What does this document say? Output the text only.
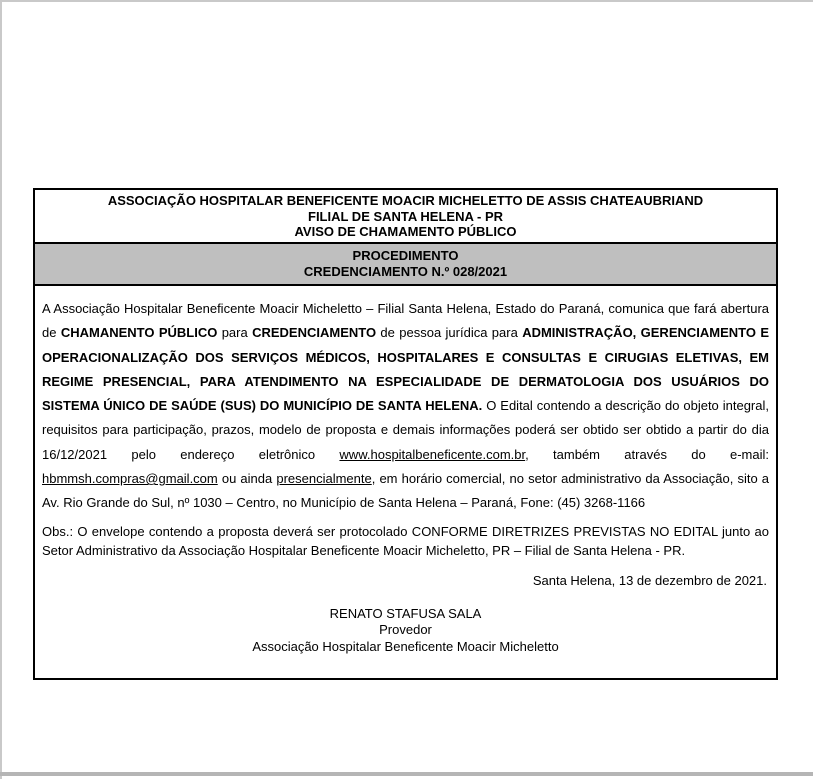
ASSOCIAÇÃO HOSPITALAR BENEFICENTE MOACIR MICHELETTO DE ASSIS CHATEAUBRIAND
FILIAL DE SANTA HELENA - PR
AVISO DE CHAMAMENTO PÚBLICO
PROCEDIMENTO
CREDENCIAMENTO N.º 028/2021

A Associação Hospitalar Beneficente Moacir Micheletto – Filial Santa Helena, Estado do Paraná, comunica que fará abertura de CHAMANENTO PÚBLICO para CREDENCIAMENTO de pessoa jurídica para ADMINISTRAÇÃO, GERENCIAMENTO E OPERACIONALIZAÇÃO DOS SERVIÇOS MÉDICOS, HOSPITALARES E CONSULTAS E CIRUGIAS ELETIVAS, EM REGIME PRESENCIAL, PARA ATENDIMENTO NA ESPECIALIDADE DE DERMATOLOGIA DOS USUÁRIOS DO SISTEMA ÚNICO DE SAÚDE (SUS) DO MUNICÍPIO DE SANTA HELENA. O Edital contendo a descrição do objeto integral, requisitos para participação, prazos, modelo de proposta e demais informações poderá ser obtido ser obtido a partir do dia 16/12/2021 pelo endereço eletrônico www.hospitalbeneficente.com.br, também através do e-mail: hbmmsh.compras@gmail.com ou ainda presencialmente, em horário comercial, no setor administrativo da Associação, sito a Av. Rio Grande do Sul, nº 1030 – Centro, no Município de Santa Helena – Paraná, Fone: (45) 3268-1166

Obs.: O envelope contendo a proposta deverá ser protocolado CONFORME DIRETRIZES PREVISTAS NO EDITAL junto ao Setor Administrativo da Associação Hospitalar Beneficente Moacir Micheletto, PR – Filial de Santa Helena - PR.

Santa Helena, 13 de dezembro de 2021.

RENATO STAFUSA SALA
Provedor
Associação Hospitalar Beneficente Moacir Micheletto
